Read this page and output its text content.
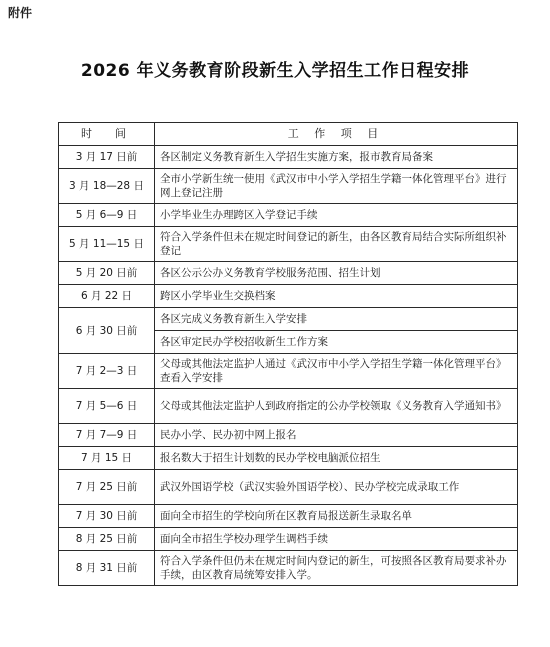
附件
2026 年义务教育阶段新生入学招生工作日程安排
时　间	工 作 项 目
3 月 17 日前	各区制定义务教育新生入学招生实施方案，报市教育局备案
3 月 18—28 日	全市小学新生统一使用《武汉市中小学入学招生学籍一体化管理平台》进行网上登记注册
5 月 6—9 日	小学毕业生办理跨区入学登记手续
5 月 11—15 日	符合入学条件但未在规定时间登记的新生，由各区教育局结合实际所组织补登记
5 月 20 日前	各区公示公办义务教育学校服务范围、招生计划
6 月 22 日	跨区小学毕业生交换档案
6 月 30 日前	各区完成义务教育新生入学安排
	各区审定民办学校招收新生工作方案
7 月 2—3 日	父母或其他法定监护人通过《武汉市中小学入学招生学籍一体化管理平台》查看入学安排
7 月 5—6 日	父母或其他法定监护人到政府指定的公办学校领取《义务教育入学通知书》
7 月 7—9 日	民办小学、民办初中网上报名
7 月 15 日	报名数大于招生计划数的民办学校电脑派位招生
7 月 25 日前	武汉外国语学校（武汉实验外国语学校）、民办学校完成录取工作
7 月 30 日前	面向全市招生的学校向所在区教育局报送新生录取名单
8 月 25 日前	面向全市招生学校办理学生调档手续
8 月 31 日前	符合入学条件但仍未在规定时间内登记的新生，可按照各区教育局要求补办手续，由区教育局统筹安排入学。
